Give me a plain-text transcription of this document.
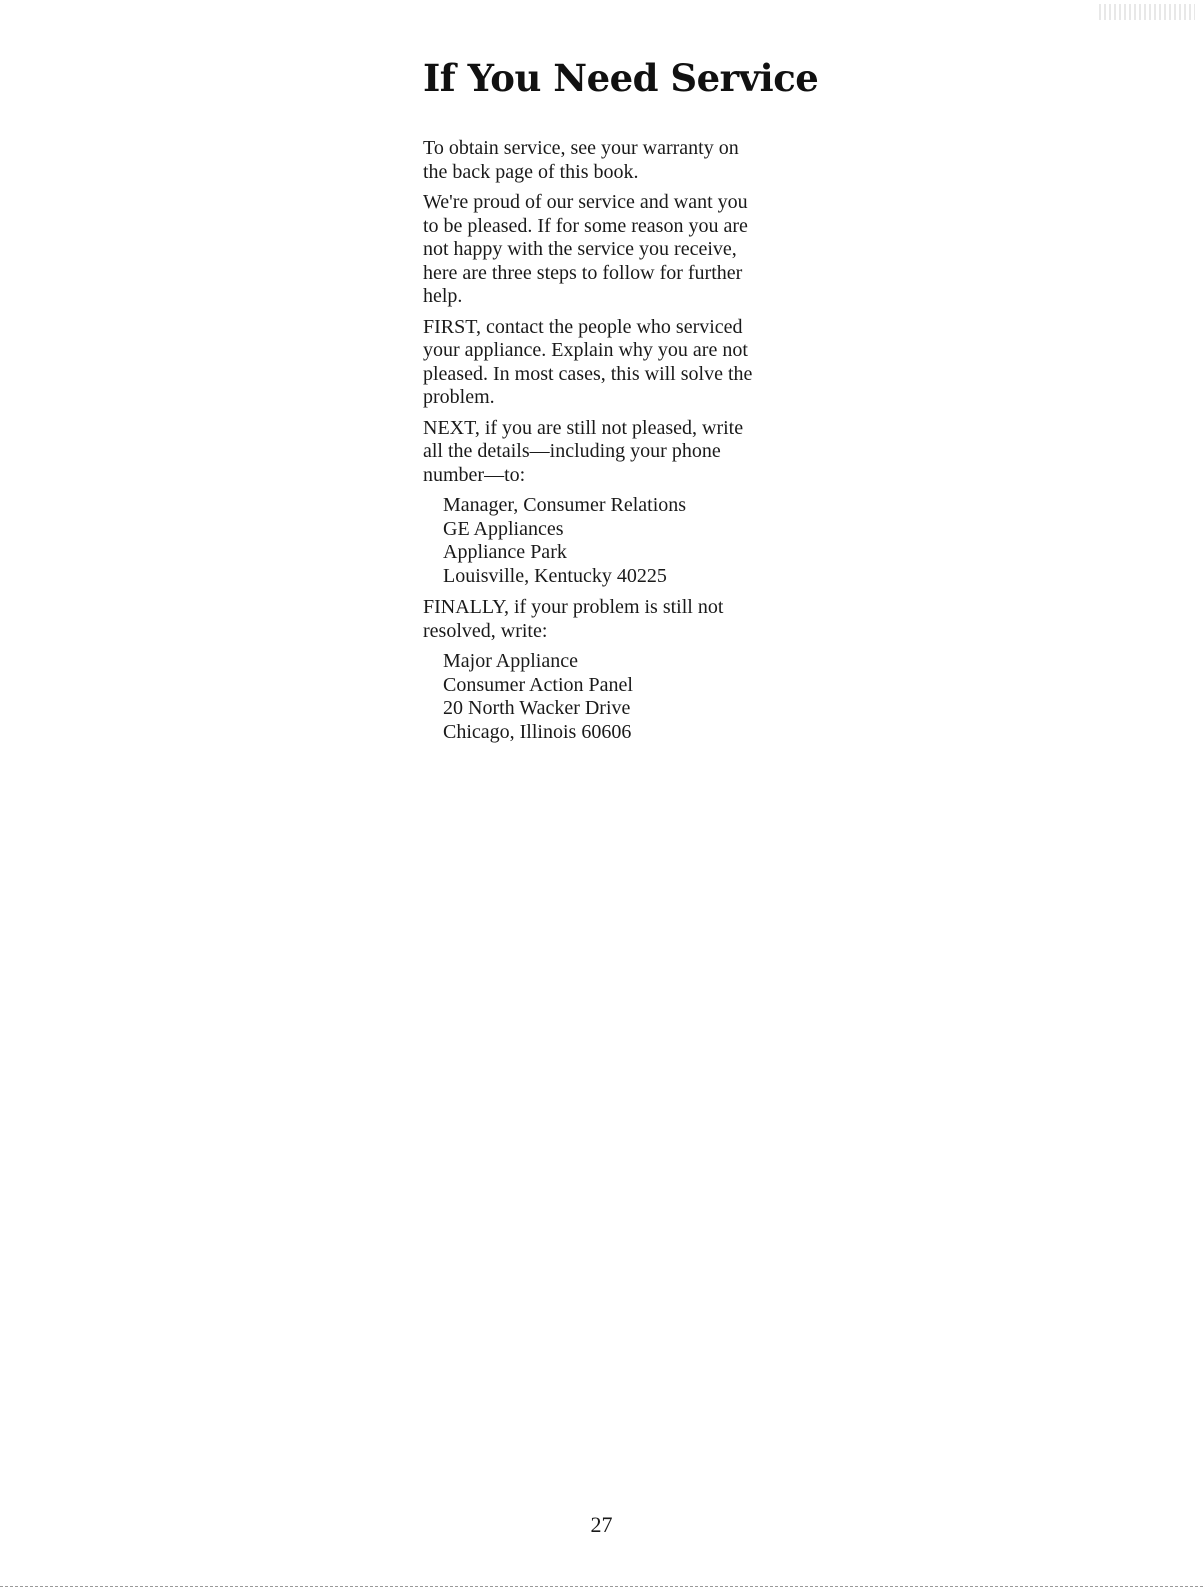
If You Need Service

To obtain service, see your warranty on the back page of this book.

We're proud of our service and want you to be pleased. If for some reason you are not happy with the service you receive, here are three steps to follow for further help.

FIRST, contact the people who serviced your appliance. Explain why you are not pleased. In most cases, this will solve the problem.

NEXT, if you are still not pleased, write all the details—including your phone number—to:

Manager, Consumer Relations
GE Appliances
Appliance Park
Louisville, Kentucky 40225

FINALLY, if your problem is still not resolved, write:

Major Appliance
Consumer Action Panel
20 North Wacker Drive
Chicago, Illinois 60606
27
